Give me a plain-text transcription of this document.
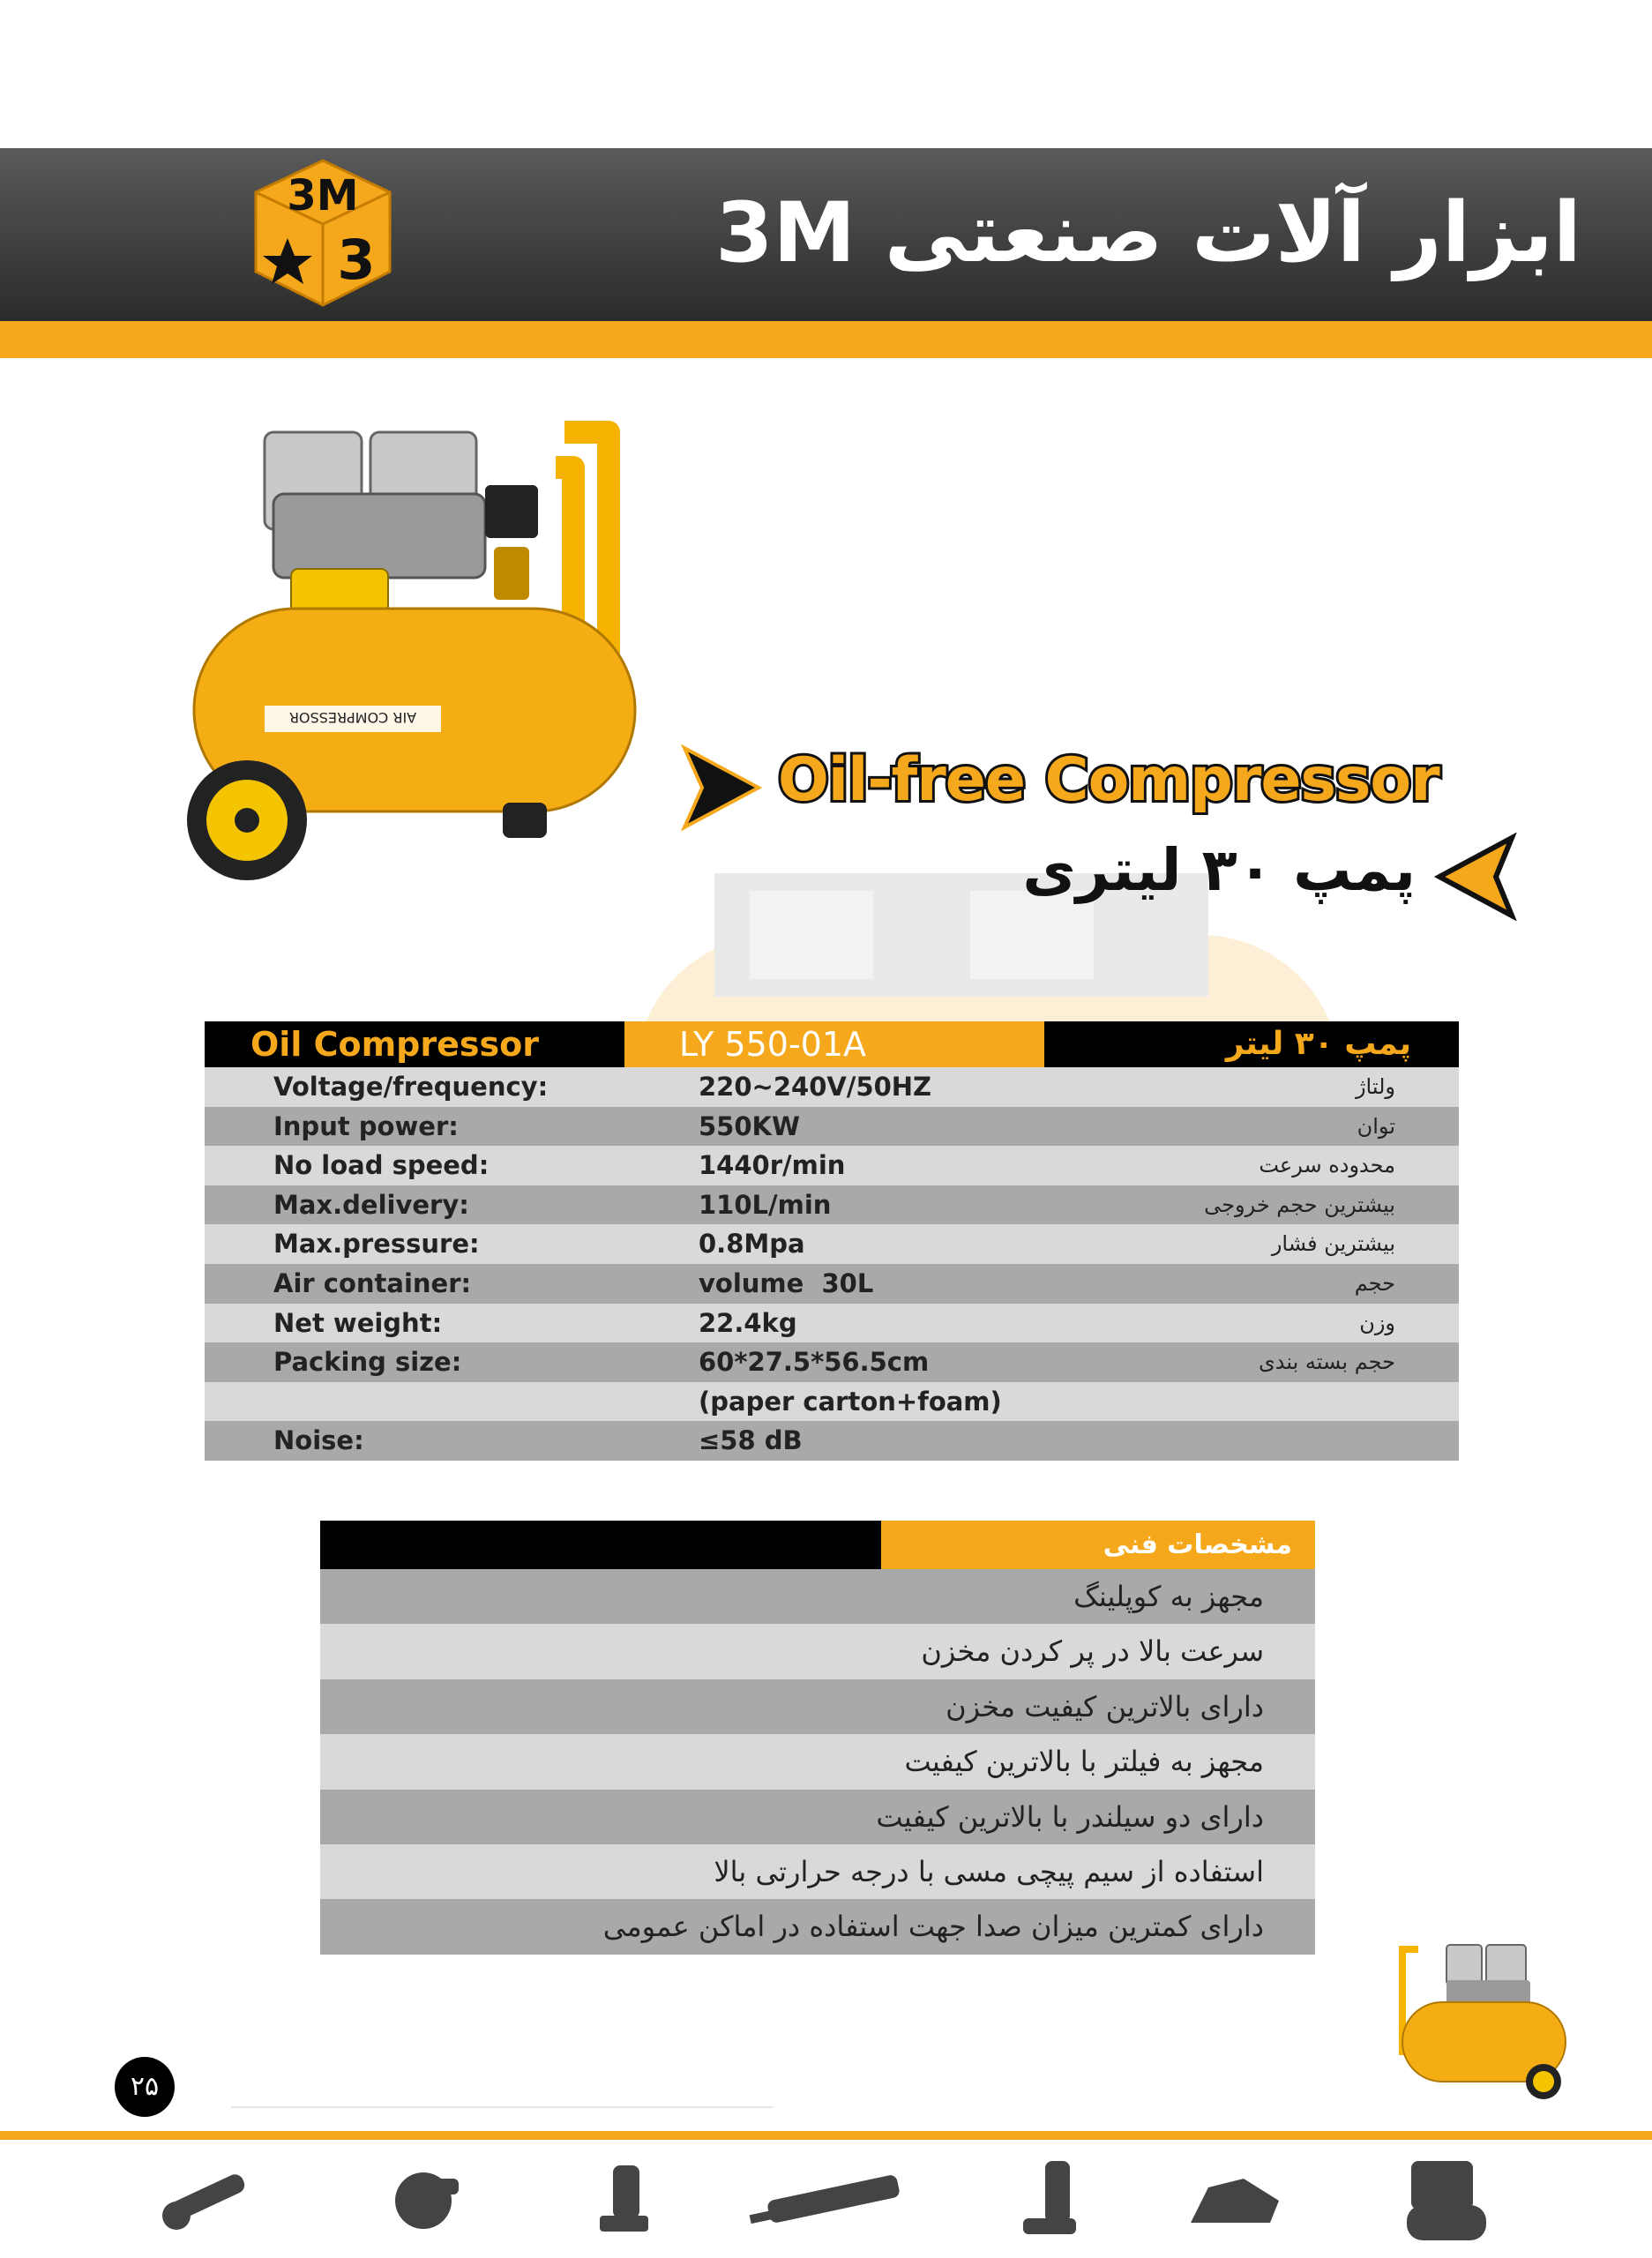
ابزار آلات صنعتی 3M
3M
3
AIR COMPRESSOR
Oil-free Compressor
پمپ ۳۰ لیتری
Oil Compressor	LY 550-01A	پمپ ۳۰ لیتر
Voltage/frequency:	220~240V/50HZ	ولتاژ
Input power:	550KW	توان
No load speed:	1440r/min	محدوده سرعت
Max.delivery:	110L/min	بیشترین حجم خروجی
Max.pressure:	0.8Mpa	بیشترین فشار
Air container:	volume  30L	حجم
Net weight:	22.4kg	وزن
Packing size:	60*27.5*56.5cm	حجم بسته بندی
(paper carton+foam)
Noise:	≤58 dB
مشخصات فنی
مجهز به کوپلینگ
سرعت بالا در پر کردن مخزن
دارای بالاترین کیفیت مخزن
مجهز به فیلتر با بالاترین کیفیت
دارای دو سیلندر با بالاترین کیفیت
استفاده از سیم پیچی مسی با درجه حرارتی بالا
دارای کمترین میزان صدا جهت استفاده در اماکن عمومی
۲۵
